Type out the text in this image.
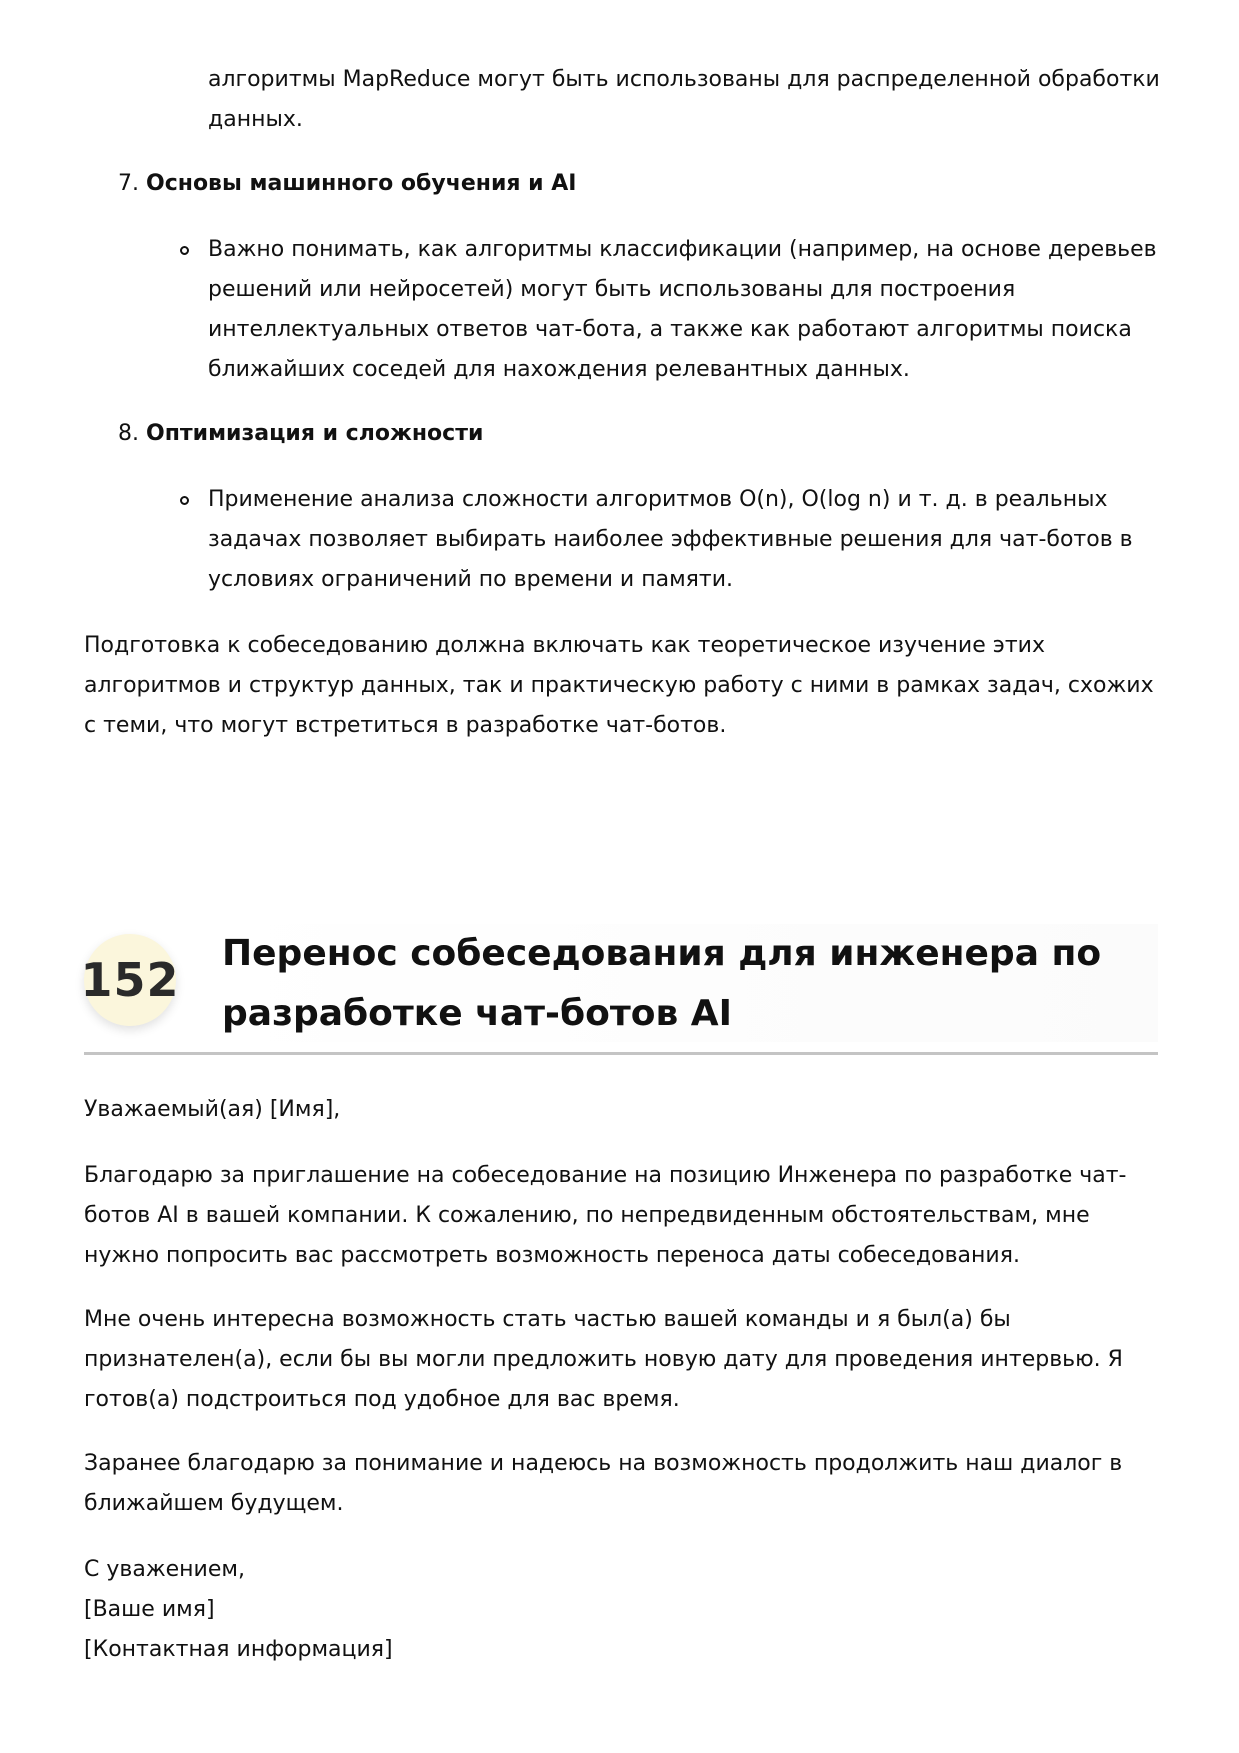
алгоритмы MapReduce могут быть использованы для распределенной обработки данных.

7. Основы машинного обучения и AI

Важно понимать, как алгоритмы классификации (например, на основе деревьев решений или нейросетей) могут быть использованы для построения интеллектуальных ответов чат-бота, а также как работают алгоритмы поиска ближайших соседей для нахождения релевантных данных.

8. Оптимизация и сложности

Применение анализа сложности алгоритмов O(n), O(log n) и т. д. в реальных задачах позволяет выбирать наиболее эффективные решения для чат-ботов в условиях ограничений по времени и памяти.

Подготовка к собеседованию должна включать как теоретическое изучение этих алгоритмов и структур данных, так и практическую работу с ними в рамках задач, схожих с теми, что могут встретиться в разработке чат-ботов.

152 Перенос собеседования для инженера по разработке чат-ботов AI

Уважаемый(ая) [Имя],

Благодарю за приглашение на собеседование на позицию Инженера по разработке чат-ботов AI в вашей компании. К сожалению, по непредвиденным обстоятельствам, мне нужно попросить вас рассмотреть возможность переноса даты собеседования.

Мне очень интересна возможность стать частью вашей команды и я был(а) бы признателен(а), если бы вы могли предложить новую дату для проведения интервью. Я готов(а) подстроиться под удобное для вас время.

Заранее благодарю за понимание и надеюсь на возможность продолжить наш диалог в ближайшем будущем.

С уважением,

[Ваше имя]

[Контактная информация]
